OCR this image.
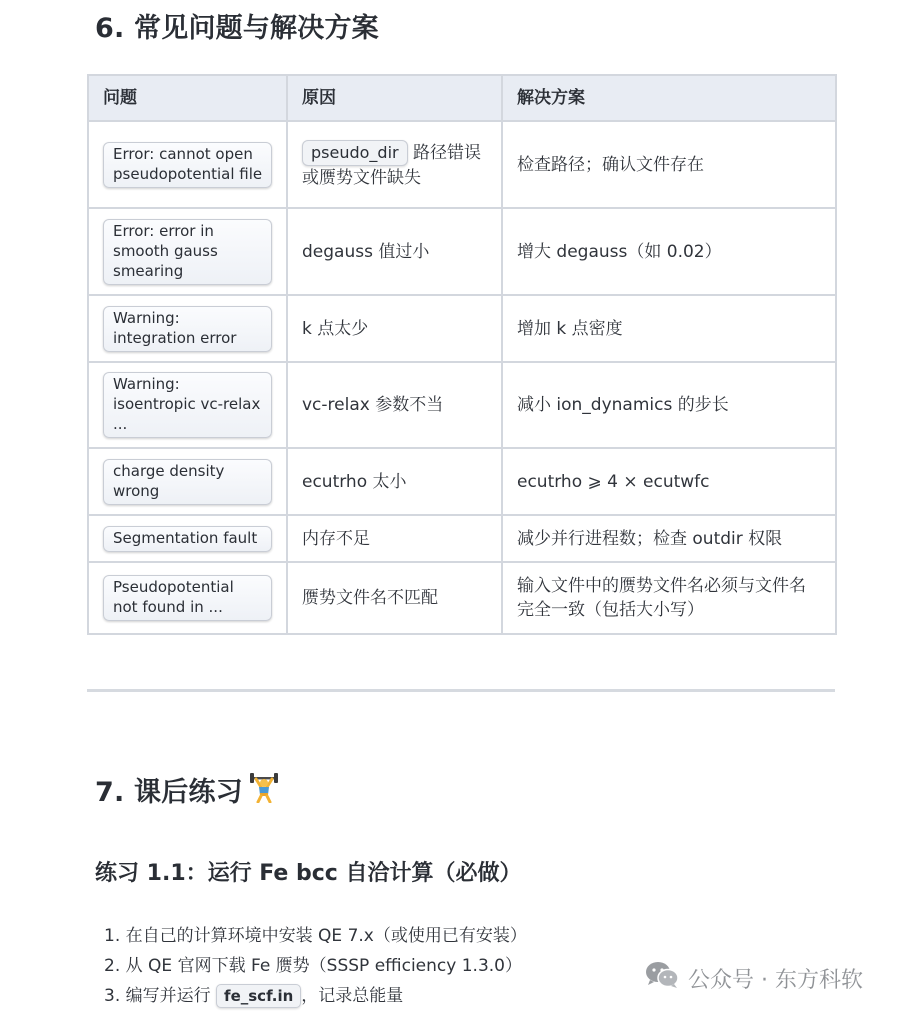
6. 常见问题与解决方案
问题	原因	解决方案

Error: cannot open pseudopotential file	pseudo_dir 路径错误或赝势文件缺失	检查路径；确认文件存在

Error: error in smooth gauss smearing	degauss 值过小	增大 degauss（如 0.02）

Warning: integration error	k 点太少	增加 k 点密度

Warning: isoentropic vc-relax ...	vc-relax 参数不当	减小 ion_dynamics 的步长

charge density wrong	ecutrho 太小	ecutrho ⩾ 4 × ecutwfc

Segmentation fault	内存不足	减少并行进程数；检查 outdir 权限

Pseudopotential not found in ...	赝势文件名不匹配	输入文件中的赝势文件名必须与文件名完全一致（包括大小写）
7. 课后练习
练习 1.1：运行 Fe bcc 自洽计算（必做）
1. 在自己的计算环境中安装 QE 7.x（或使用已有安装）
2. 从 QE 官网下载 Fe 赝势（SSSP efficiency 1.3.0）
3. 编写并运行 fe_scf.in ，记录总能量
公众号 · 东方科软
